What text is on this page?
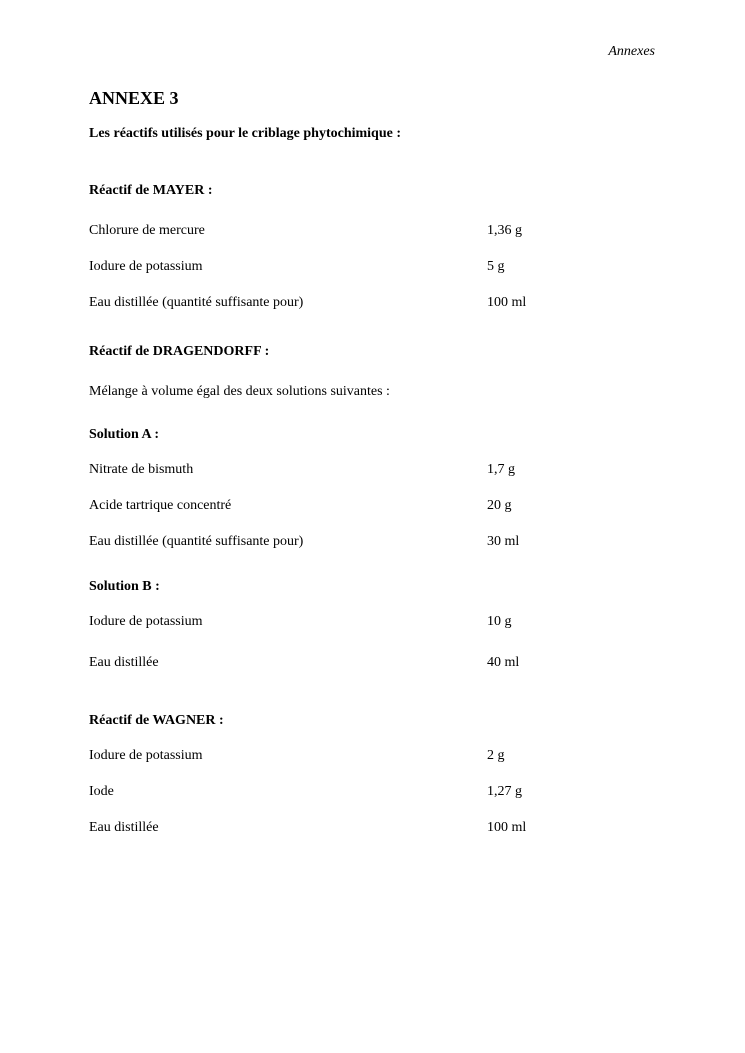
Annexes
ANNEXE 3
Les réactifs utilisés pour le criblage phytochimique :
Réactif de MAYER :
Chlorure de mercure	1,36 g
Iodure de potassium	5 g
Eau distillée (quantité suffisante pour)	100 ml
Réactif de DRAGENDORFF :
Mélange à volume égal des deux solutions suivantes :
Solution A :
Nitrate de bismuth	1,7 g
Acide tartrique concentré	20 g
Eau distillée (quantité suffisante pour)	30 ml
Solution B :
Iodure de potassium	10 g
Eau distillée	40 ml
Réactif de WAGNER :
Iodure de potassium	2 g
Iode	1,27 g
Eau distillée	100 ml
